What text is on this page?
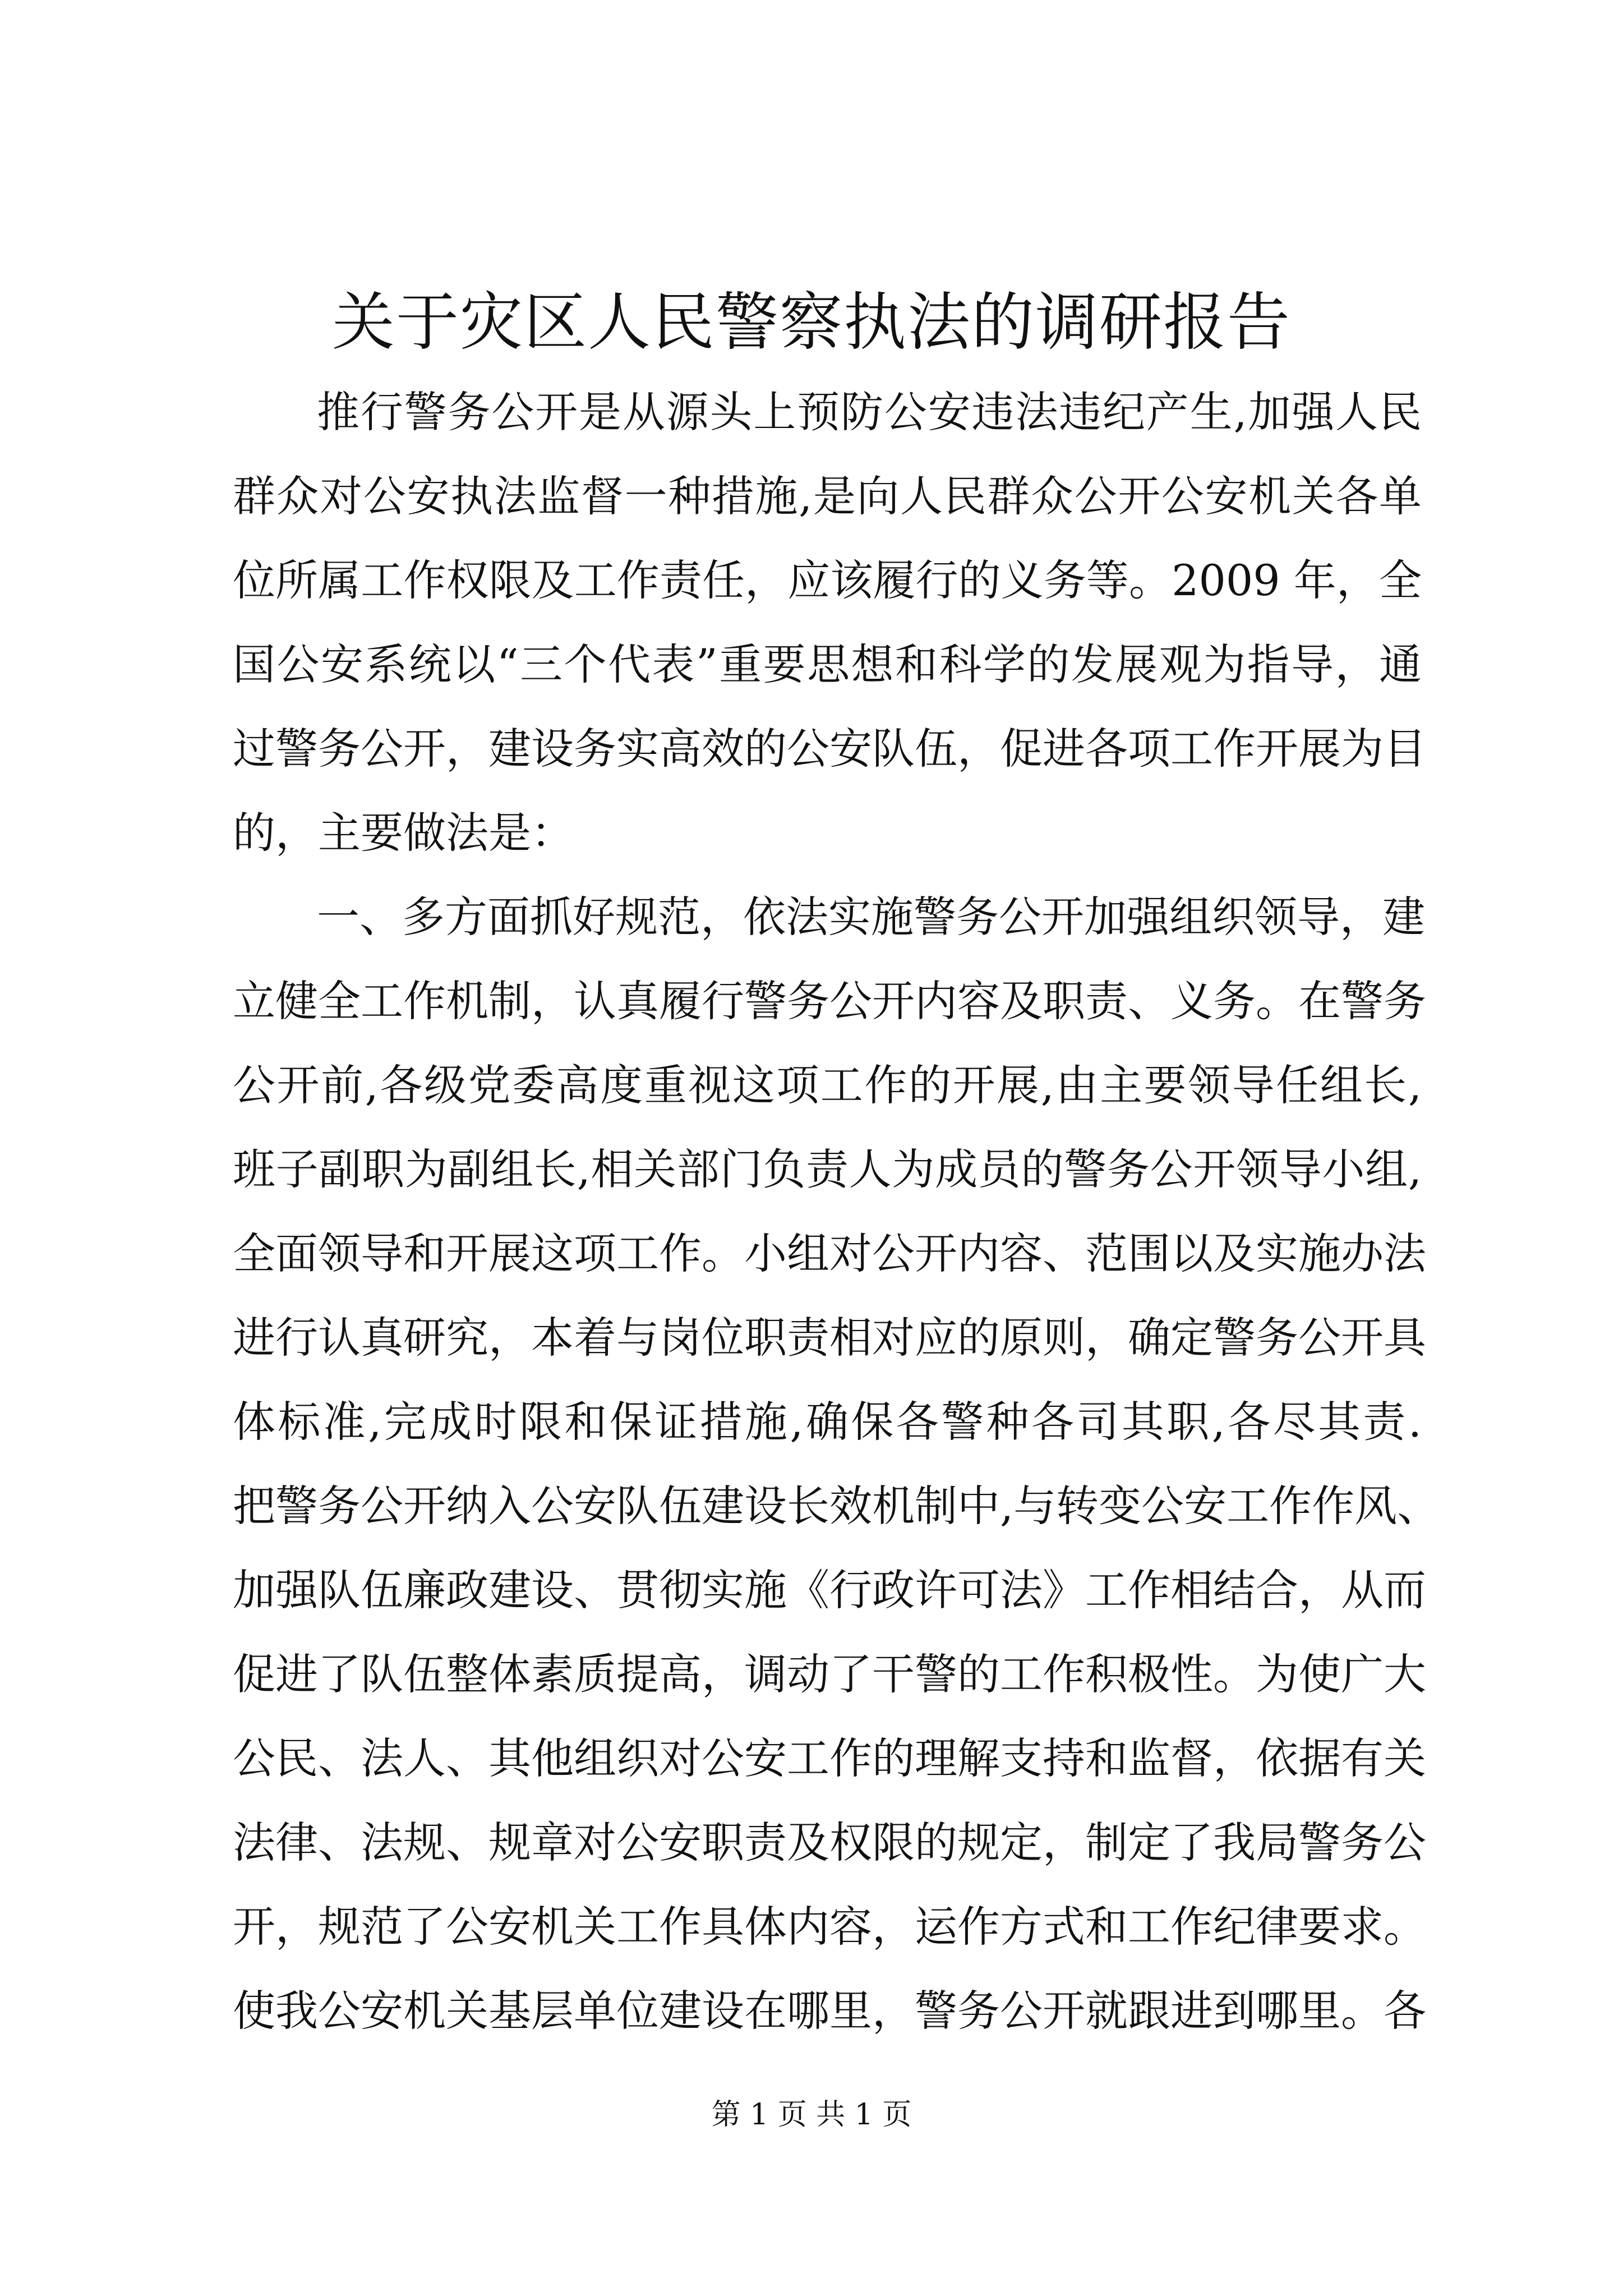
关于灾区人民警察执法的调研报告
推行警务公开是从源头上预防公安违法违纪产生,加强人民
群众对公安执法监督一种措施,是向人民群众公开公安机关各单
位所属工作权限及工作责任，应该履行的义务等。2009 年，全
国公安系统以“三个代表”重要思想和科学的发展观为指导，通
过警务公开，建设务实高效的公安队伍，促进各项工作开展为目
的，主要做法是：
一、多方面抓好规范，依法实施警务公开加强组织领导，建
立健全工作机制，认真履行警务公开内容及职责、义务。在警务
公开前,各级党委高度重视这项工作的开展,由主要领导任组长,
班子副职为副组长,相关部门负责人为成员的警务公开领导小组,
全面领导和开展这项工作。小组对公开内容、范围以及实施办法
进行认真研究，本着与岗位职责相对应的原则，确定警务公开具
体标准,完成时限和保证措施,确保各警种各司其职,各尽其责.
把警务公开纳入公安队伍建设长效机制中,与转变公安工作作风、
加强队伍廉政建设、贯彻实施《行政许可法》工作相结合，从而
促进了队伍整体素质提高，调动了干警的工作积极性。为使广大
公民、法人、其他组织对公安工作的理解支持和监督，依据有关
法律、法规、规章对公安职责及权限的规定，制定了我局警务公
开，规范了公安机关工作具体内容，运作方式和工作纪律要求。
使我公安机关基层单位建设在哪里，警务公开就跟进到哪里。各
第 1 页 共 1 页
